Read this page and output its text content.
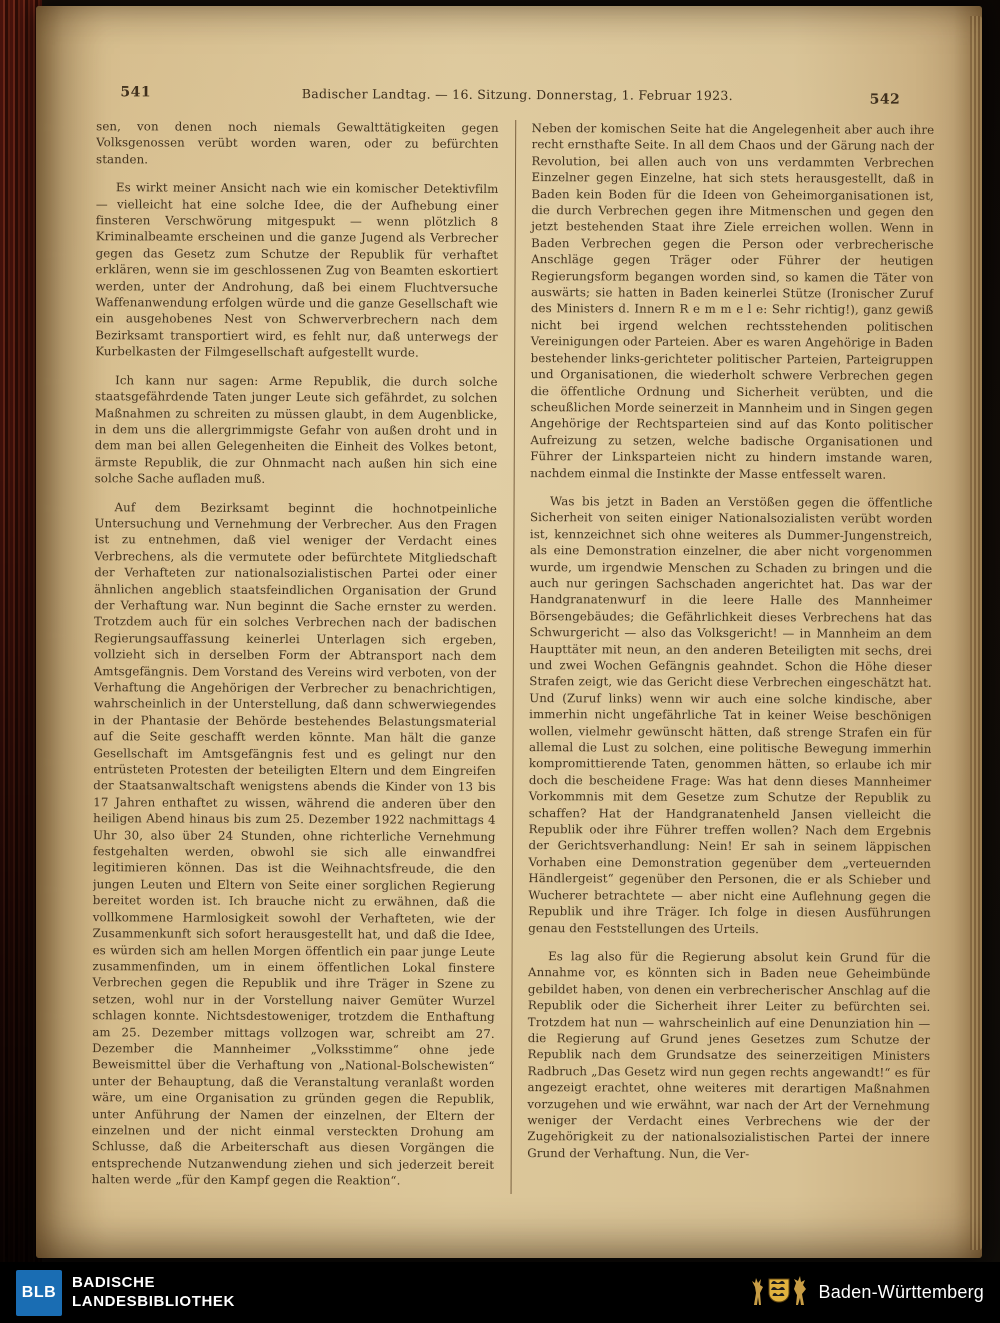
541	Badischer Landtag. — 16. Sitzung. Donnerstag, 1. Februar 1923.	542

sen, von denen noch niemals Gewalttätigkeiten gegen Volksgenossen verübt worden waren, oder zu befürchten standen.

Es wirkt meiner Ansicht nach wie ein komischer Detektivfilm — vielleicht hat eine solche Idee, die der Aufhebung einer finsteren Verschwörung mitgespukt — wenn plötzlich 8 Kriminalbeamte erscheinen und die ganze Jugend als Verbrecher gegen das Gesetz zum Schutze der Republik für verhaftet erklären, wenn sie im geschlossenen Zug von Beamten eskortiert werden, unter der Androhung, daß bei einem Fluchtversuche Waffenanwendung erfolgen würde und die ganze Gesellschaft wie ein ausgehobenes Nest von Schwerverbrechern nach dem Bezirksamt transportiert wird, es fehlt nur, daß unterwegs der Kurbelkasten der Filmgesellschaft aufgestellt wurde.

Ich kann nur sagen: Arme Republik, die durch solche staatsgefährdende Taten junger Leute sich gefährdet, zu solchen Maßnahmen zu schreiten zu müssen glaubt, in dem Augenblicke, in dem uns die allergrimmigste Gefahr von außen droht und in dem man bei allen Gelegenheiten die Einheit des Volkes betont, ärmste Republik, die zur Ohnmacht nach außen hin sich eine solche Sache aufladen muß.

Auf dem Bezirksamt beginnt die hochnotpeinliche Untersuchung und Vernehmung der Verbrecher. Aus den Fragen ist zu entnehmen, daß viel weniger der Verdacht eines Verbrechens, als die vermutete oder befürchtete Mitgliedschaft der Verhafteten zur nationalsozialistischen Partei oder einer ähnlichen angeblich staatsfeindlichen Organisation der Grund der Verhaftung war. Nun beginnt die Sache ernster zu werden. Trotzdem auch für ein solches Verbrechen nach der badischen Regierungsauffassung keinerlei Unterlagen sich ergeben, vollzieht sich in derselben Form der Abtransport nach dem Amtsgefängnis. Dem Vorstand des Vereins wird verboten, von der Verhaftung die Angehörigen der Verbrecher zu benachrichtigen, wahrscheinlich in der Unterstellung, daß dann schwerwiegendes in der Phantasie der Behörde bestehendes Belastungsmaterial auf die Seite geschafft werden könnte. Man hält die ganze Gesellschaft im Amtsgefängnis fest und es gelingt nur den entrüsteten Protesten der beteiligten Eltern und dem Eingreifen der Staatsanwaltschaft wenigstens abends die Kinder von 13 bis 17 Jahren enthaftet zu wissen, während die anderen über den heiligen Abend hinaus bis zum 25. Dezember 1922 nachmittags 4 Uhr 30, also über 24 Stunden, ohne richterliche Vernehmung festgehalten werden, obwohl sie sich alle einwandfrei legitimieren können. Das ist die Weihnachtsfreude, die den jungen Leuten und Eltern von Seite einer sorglichen Regierung bereitet worden ist. Ich brauche nicht zu erwähnen, daß die vollkommene Harmlosigkeit sowohl der Verhafteten, wie der Zusammenkunft sich sofort herausgestellt hat, und daß die Idee, es würden sich am hellen Morgen öffentlich ein paar junge Leute zusammenfinden, um in einem öffentlichen Lokal finstere Verbrechen gegen die Republik und ihre Träger in Szene zu setzen, wohl nur in der Vorstellung naiver Gemüter Wurzel schlagen konnte. Nichtsdestoweniger, trotzdem die Enthaftung am 25. Dezember mittags vollzogen war, schreibt am 27. Dezember die Mannheimer „Volksstimme“ ohne jede Beweismittel über die Verhaftung von „National-Bolschewisten“ unter der Behauptung, daß die Veranstaltung veranlaßt worden wäre, um eine Organisation zu gründen gegen die Republik, unter Anführung der Namen der einzelnen, der Eltern der einzelnen und der nicht einmal versteckten Drohung am Schlusse, daß die Arbeiterschaft aus diesen Vorgängen die entsprechende Nutzanwendung ziehen und sich jederzeit bereit halten werde „für den Kampf gegen die Reaktion“.

Neben der komischen Seite hat die Angelegenheit aber auch ihre recht ernsthafte Seite. In all dem Chaos und der Gärung nach der Revolution, bei allen auch von uns verdammten Verbrechen Einzelner gegen Einzelne, hat sich stets herausgestellt, daß in Baden kein Boden für die Ideen von Geheimorganisationen ist, die durch Verbrechen gegen ihre Mitmenschen und gegen den jetzt bestehenden Staat ihre Ziele erreichen wollen. Wenn in Baden Verbrechen gegen die Person oder verbrecherische Anschläge gegen Träger oder Führer der heutigen Regierungsform begangen worden sind, so kamen die Täter von auswärts; sie hatten in Baden keinerlei Stütze (Ironischer Zuruf des Ministers d. Innern R e m m e l e: Sehr richtig!), ganz gewiß nicht bei irgend welchen rechtsstehenden politischen Vereinigungen oder Parteien. Aber es waren Angehörige in Baden bestehender links-gerichteter politischer Parteien, Parteigruppen und Organisationen, die wiederholt schwere Verbrechen gegen die öffentliche Ordnung und Sicherheit verübten, und die scheußlichen Morde seinerzeit in Mannheim und in Singen gegen Angehörige der Rechtsparteien sind auf das Konto politischer Aufreizung zu setzen, welche badische Organisationen und Führer der Linksparteien nicht zu hindern imstande waren, nachdem einmal die Instinkte der Masse entfesselt waren.

Was bis jetzt in Baden an Verstößen gegen die öffentliche Sicherheit von seiten einiger Nationalsozialisten verübt worden ist, kennzeichnet sich ohne weiteres als Dummer-Jungenstreich, als eine Demonstration einzelner, die aber nicht vorgenommen wurde, um irgendwie Menschen zu Schaden zu bringen und die auch nur geringen Sachschaden angerichtet hat. Das war der Handgranatenwurf in die leere Halle des Mannheimer Börsengebäudes; die Gefährlichkeit dieses Verbrechens hat das Schwurgericht — also das Volksgericht! — in Mannheim an dem Haupttäter mit neun, an den anderen Beteiligten mit sechs, drei und zwei Wochen Gefängnis geahndet. Schon die Höhe dieser Strafen zeigt, wie das Gericht diese Verbrechen eingeschätzt hat. Und (Zuruf links) wenn wir auch eine solche kindische, aber immerhin nicht ungefährliche Tat in keiner Weise beschönigen wollen, vielmehr gewünscht hätten, daß strenge Strafen ein für allemal die Lust zu solchen, eine politische Bewegung immerhin kompromittierende Taten, genommen hätten, so erlaube ich mir doch die bescheidene Frage: Was hat denn dieses Mannheimer Vorkommnis mit dem Gesetze zum Schutze der Republik zu schaffen? Hat der Handgranatenheld Jansen vielleicht die Republik oder ihre Führer treffen wollen? Nach dem Ergebnis der Gerichtsverhandlung: Nein! Er sah in seinem läppischen Vorhaben eine Demonstration gegenüber dem „verteuernden Händlergeist“ gegenüber den Personen, die er als Schieber und Wucherer betrachtete — aber nicht eine Auflehnung gegen die Republik und ihre Träger. Ich folge in diesen Ausführungen genau den Feststellungen des Urteils.

Es lag also für die Regierung absolut kein Grund für die Annahme vor, es könnten sich in Baden neue Geheimbünde gebildet haben, von denen ein verbrecherischer Anschlag auf die Republik oder die Sicherheit ihrer Leiter zu befürchten sei. Trotzdem hat nun — wahrscheinlich auf eine Denunziation hin — die Regierung auf Grund jenes Gesetzes zum Schutze der Republik nach dem Grundsatze des seinerzeitigen Ministers Radbruch „Das Gesetz wird nun gegen rechts angewandt!“ es für angezeigt erachtet, ohne weiteres mit derartigen Maßnahmen vorzugehen und wie erwähnt, war nach der Art der Vernehmung weniger der Verdacht eines Verbrechens wie der der Zugehörigkeit zu der nationalsozialistischen Partei der innere Grund der Verhaftung. Nun, die Ver-

BLB
BADISCHE
LANDESBIBLIOTHEK	Baden-Württemberg
